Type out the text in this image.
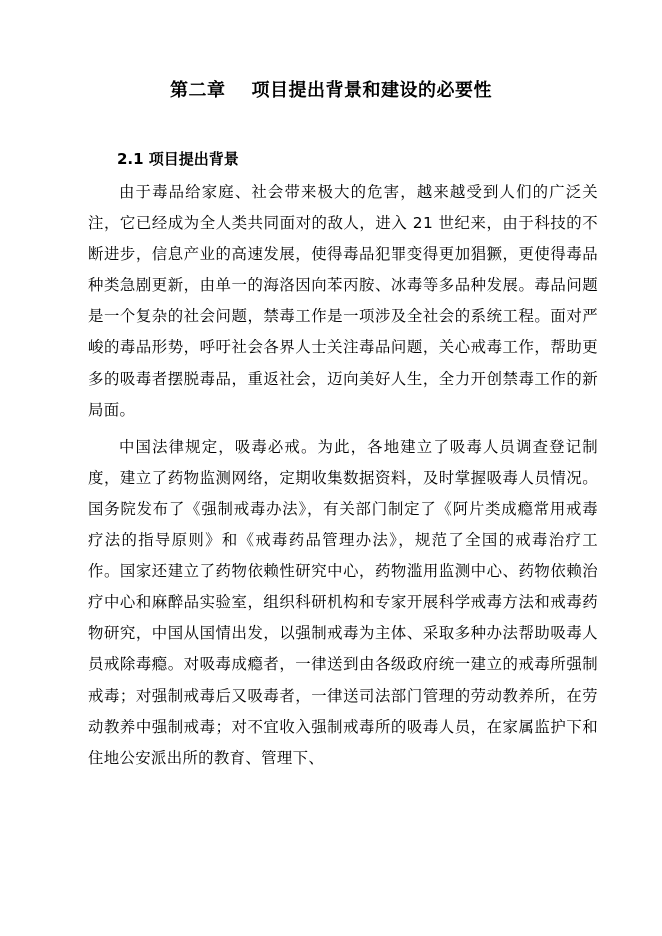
第二章 项目提出背景和建设的必要性
2.1 项目提出背景

由于毒品给家庭、社会带来极大的危害，越来越受到人们的广泛关注，它已经成为全人类共同面对的敌人，进入 21 世纪来，由于科技的不断进步，信息产业的高速发展，使得毒品犯罪变得更加猖獗，更使得毒品种类急剧更新，由单一的海洛因向苯丙胺、冰毒等多品种发展。毒品问题是一个复杂的社会问题，禁毒工作是一项涉及全社会的系统工程。面对严峻的毒品形势，呼吁社会各界人士关注毒品问题，关心戒毒工作，帮助更多的吸毒者摆脱毒品，重返社会，迈向美好人生，全力开创禁毒工作的新局面。

中国法律规定，吸毒必戒。为此，各地建立了吸毒人员调查登记制度，建立了药物监测网络，定期收集数据资料，及时掌握吸毒人员情况。国务院发布了《强制戒毒办法》，有关部门制定了《阿片类成瘾常用戒毒疗法的指导原则》和《戒毒药品管理办法》，规范了全国的戒毒治疗工作。国家还建立了药物依赖性研究中心，药物滥用监测中心、药物依赖治疗中心和麻醉品实验室，组织科研机构和专家开展科学戒毒方法和戒毒药物研究，中国从国情出发，以强制戒毒为主体、采取多种办法帮助吸毒人员戒除毒瘾。对吸毒成瘾者，一律送到由各级政府统一建立的戒毒所强制戒毒；对强制戒毒后又吸毒者，一律送司法部门管理的劳动教养所，在劳动教养中强制戒毒；对不宜收入强制戒毒所的吸毒人员，在家属监护下和住地公安派出所的教育、管理下、
